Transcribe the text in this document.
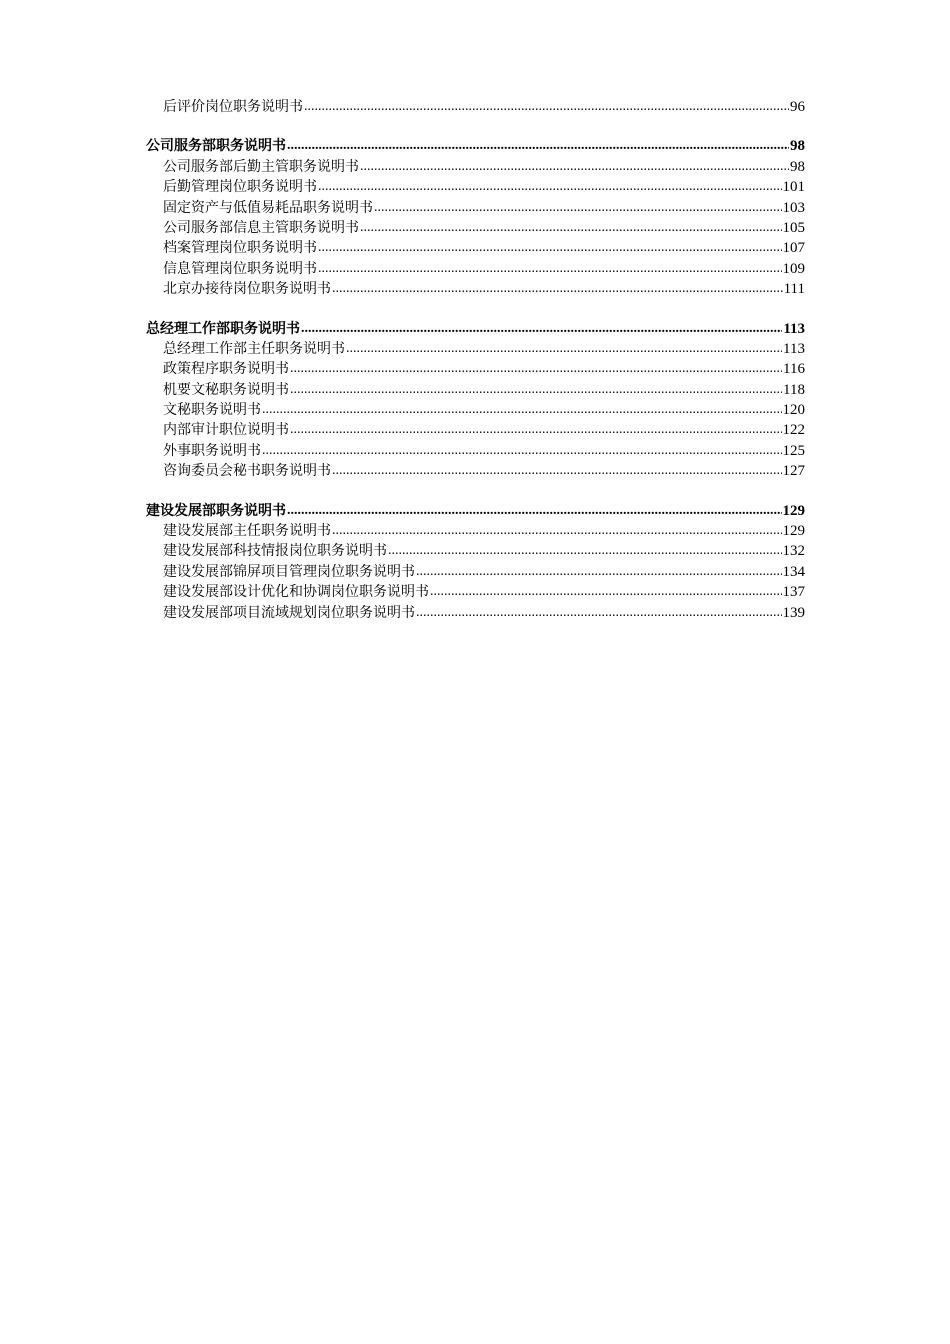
后评价岗位职务说明书 .....	96
公司服务部职务说明书 .....	98
公司服务部后勤主管职务说明书 .....	98
后勤管理岗位职务说明书 .....	101
固定资产与低值易耗品职务说明书 .....	103
公司服务部信息主管职务说明书 .....	105
档案管理岗位职务说明书 .....	107
信息管理岗位职务说明书 .....	109
北京办接待岗位职务说明书 .....	111
总经理工作部职务说明书 .....	113
总经理工作部主任职务说明书 .....	113
政策程序职务说明书 .....	116
机要文秘职务说明书 .....	118
文秘职务说明书 .....	120
内部审计职位说明书 .....	122
外事职务说明书 .....	125
咨询委员会秘书职务说明书 .....	127
建设发展部职务说明书 .....	129
建设发展部主任职务说明书 .....	129
建设发展部科技情报岗位职务说明书 .....	132
建设发展部锦屏项目管理岗位职务说明书 .....	134
建设发展部设计优化和协调岗位职务说明书 .....	137
建设发展部项目流域规划岗位职务说明书 .....	139
